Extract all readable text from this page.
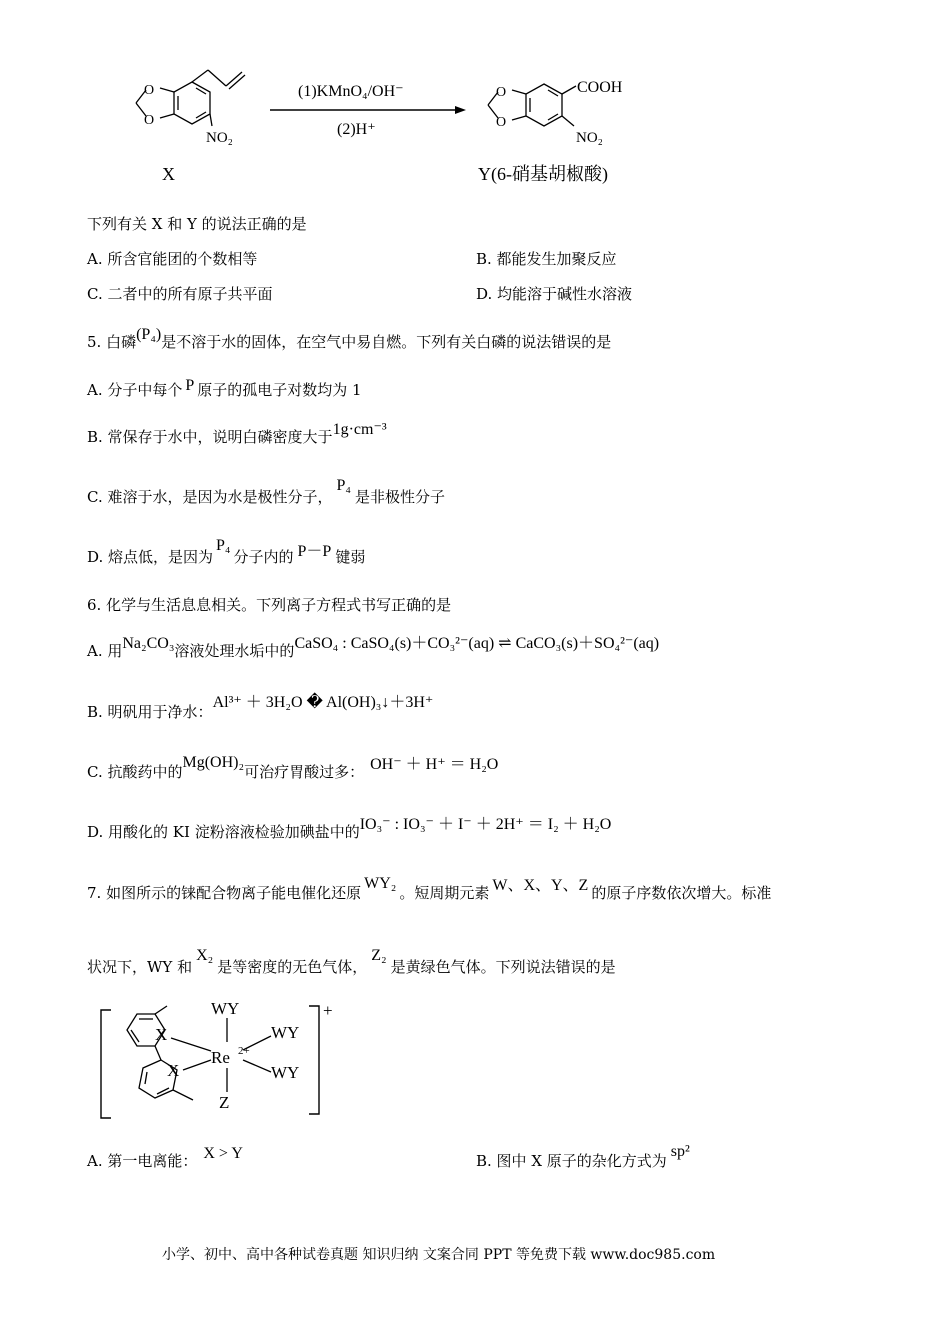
O
O
NO₂
(1)KMnO₄/OH⁻
(2)H⁺
O
O
COOH
NO₂
X	Y(6-硝基胡椒酸)
下列有关 X 和 Y 的说法正确的是
A. 所含官能团的个数相等	B. 都能发生加聚反应
C. 二者中的所有原子共平面	D. 均能溶于碱性水溶液
5. 白磷(P₄)是不溶于水的固体，在空气中易自燃。下列有关白磷的说法错误的是
A. 分子中每个 P 原子的孤电子对数均为 1
B. 常保存于水中，说明白磷密度大于1g·cm⁻³
C. 难溶于水，是因为水是极性分子，P₄是非极性分子
D. 熔点低，是因为P₄分子内的 P－P 键弱
6. 化学与生活息息相关。下列离子方程式书写正确的是
A. 用Na₂CO₃溶液处理水垢中的CaSO₄ : CaSO₄(s)＋CO₃²⁻(aq) ⇌ CaCO₃(s)＋SO₄²⁻(aq)
B. 明矾用于净水：Al³⁺ ＋ 3H₂O � Al(OH)₃↓＋3H⁺
C. 抗酸药中的Mg(OH)₂可治疗胃酸过多： OH⁻ ＋ H⁺ ＝ H₂O
D. 用酸化的 KI 淀粉溶液检验加碘盐中的IO₃⁻ : IO₃⁻ ＋ I⁻ ＋ 2H⁺ ＝ I₂ ＋ H₂O
7. 如图所示的铼配合物离子能电催化还原WY₂。短周期元素 W、X、Y、Z 的原子序数依次增大。标准
状况下，WY 和X₂是等密度的无色气体，Z₂是黄绿色气体。下列说法错误的是
+
X
X
WY
Re 2+
WY
WY
Z
A. 第一电离能： X > Y	B. 图中 X 原子的杂化方式为sp²
小学、初中、高中各种试卷真题 知识归纳 文案合同 PPT 等免费下载 www.doc985.com
